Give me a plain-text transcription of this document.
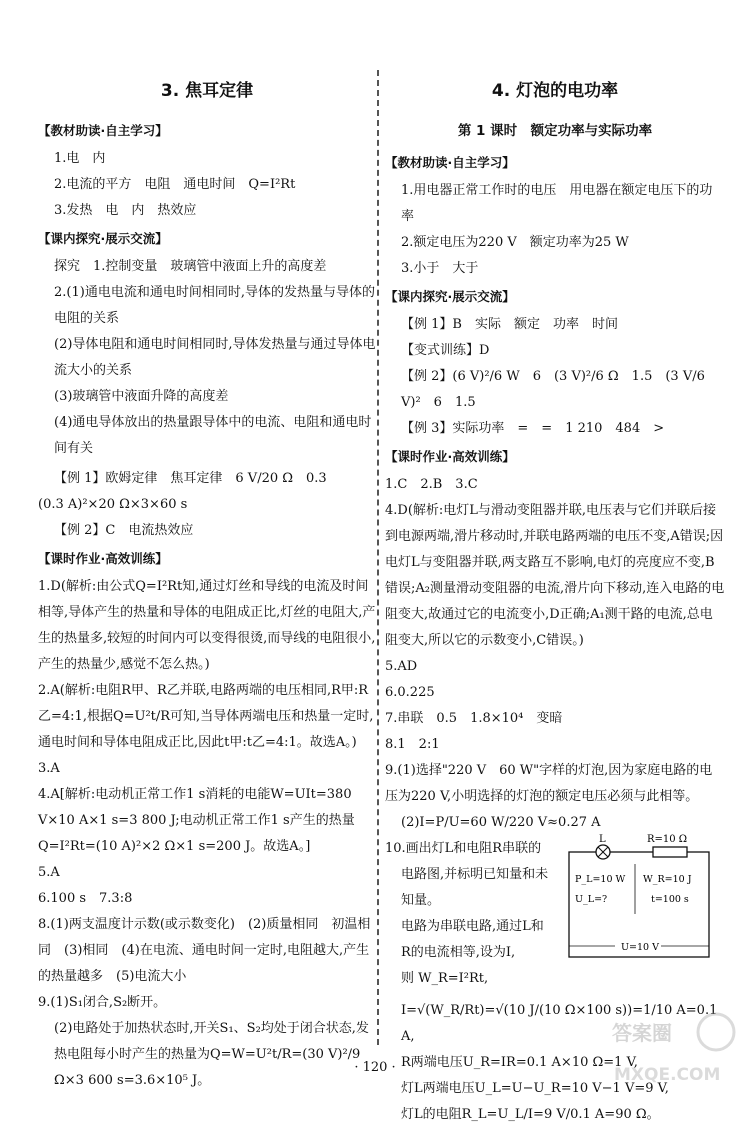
3. 焦耳定律
【教材助读·自主学习】

1.电　内

2.电流的平方　电阻　通电时间　Q=I²Rt

3.发热　电　内　热效应

【课内探究·展示交流】

探究　1.控制变量　玻璃管中液面上升的高度差

2.(1)通电电流和通电时间相同时,导体的发热量与导体的电阻的关系

(2)导体电阻和通电时间相同时,导体发热量与通过导体电流大小的关系

(3)玻璃管中液面升降的高度差

(4)通电导体放出的热量跟导体中的电流、电阻和通电时间有关

【例 1】欧姆定律　焦耳定律　6 V/20 Ω　0.3

(0.3 A)²×20 Ω×3×60 s

【例 2】C　电流热效应

【课时作业·高效训练】

1.D(解析:由公式Q=I²Rt知,通过灯丝和导线的电流及时间相等,导体产生的热量和导体的电阻成正比,灯丝的电阻大,产生的热量多,较短的时间内可以变得很烫,而导线的电阻很小,产生的热量少,感觉不怎么热。)

2.A(解析:电阻R甲、R乙并联,电路两端的电压相同,R甲:R乙=4:1,根据Q=U²t/R可知,当导体两端电压和热量一定时,通电时间和导体电阻成正比,因此t甲:t乙=4:1。故选A。)

3.A

4.A[解析:电动机正常工作1 s消耗的电能W=UIt=380 V×10 A×1 s=3 800 J;电动机正常工作1 s产生的热量Q=I²Rt=(10 A)²×2 Ω×1 s=200 J。故选A。]

5.A

6.100 s　7.3:8

8.(1)两支温度计示数(或示数变化)　(2)质量相同　初温相同　(3)相同　(4)在电流、通电时间一定时,电阻越大,产生的热量越多　(5)电流大小

9.(1)S₁闭合,S₂断开。

(2)电路处于加热状态时,开关S₁、S₂均处于闭合状态,发热电阻每小时产生的热量为Q=W=U²t/R=(30 V)²/9 Ω×3 600 s=3.6×10⁵ J。

4. 灯泡的电功率
第 1 课时　额定功率与实际功率
【教材助读·自主学习】

1.用电器正常工作时的电压　用电器在额定电压下的功率

2.额定电压为220 V　额定功率为25 W

3.小于　大于

【课内探究·展示交流】

【例 1】B　实际　额定　功率　时间

【变式训练】D

【例 2】(6 V)²/6 W　6　(3 V)²/6 Ω　1.5　(3 V/6 V)²　6　1.5

【例 3】实际功率　=　=　1 210　484　>

【课时作业·高效训练】

1.C　2.B　3.C

4.D(解析:电灯L与滑动变阻器并联,电压表与它们并联后接到电源两端,滑片移动时,并联电路两端的电压不变,A错误;因电灯L与变阻器并联,两支路互不影响,电灯的亮度应不变,B错误;A₂测量滑动变阻器的电流,滑片向下移动,连入电路的电阻变大,故通过它的电流变小,D正确;A₁测干路的电流,总电阻变大,所以它的示数变小,C错误。)

5.AD

6.0.225

7.串联　0.5　1.8×10⁴　变暗

8.1　2:1

9.(1)选择"220 V　60 W"字样的灯泡,因为家庭电路的电压为220 V,小明选择的灯泡的额定电压必须与此相等。

(2)I=P/U=60 W/220 V≈0.27 A

10.画出灯L和电阻R串联的

电路图,并标明已知量和未

知量。

电路为串联电路,通过L和

R的电流相等,设为I,

则 W_R=I²Rt,

L	R=10 Ω
P_L=10 W W_R=10 J
U_L=?	t=100 s
U=10 V

I=√(W_R/Rt)=√(10 J/(10 Ω×100 s))=1/10 A=0.1 A,

R两端电压U_R=IR=0.1 A×10 Ω=1 V,

灯L两端电压U_L=U−U_R=10 V−1 V=9 V,

灯L的电阻R_L=U_L/I=9 V/0.1 A=90 Ω。

· 120 ·
答案圈
MXQE.COM
